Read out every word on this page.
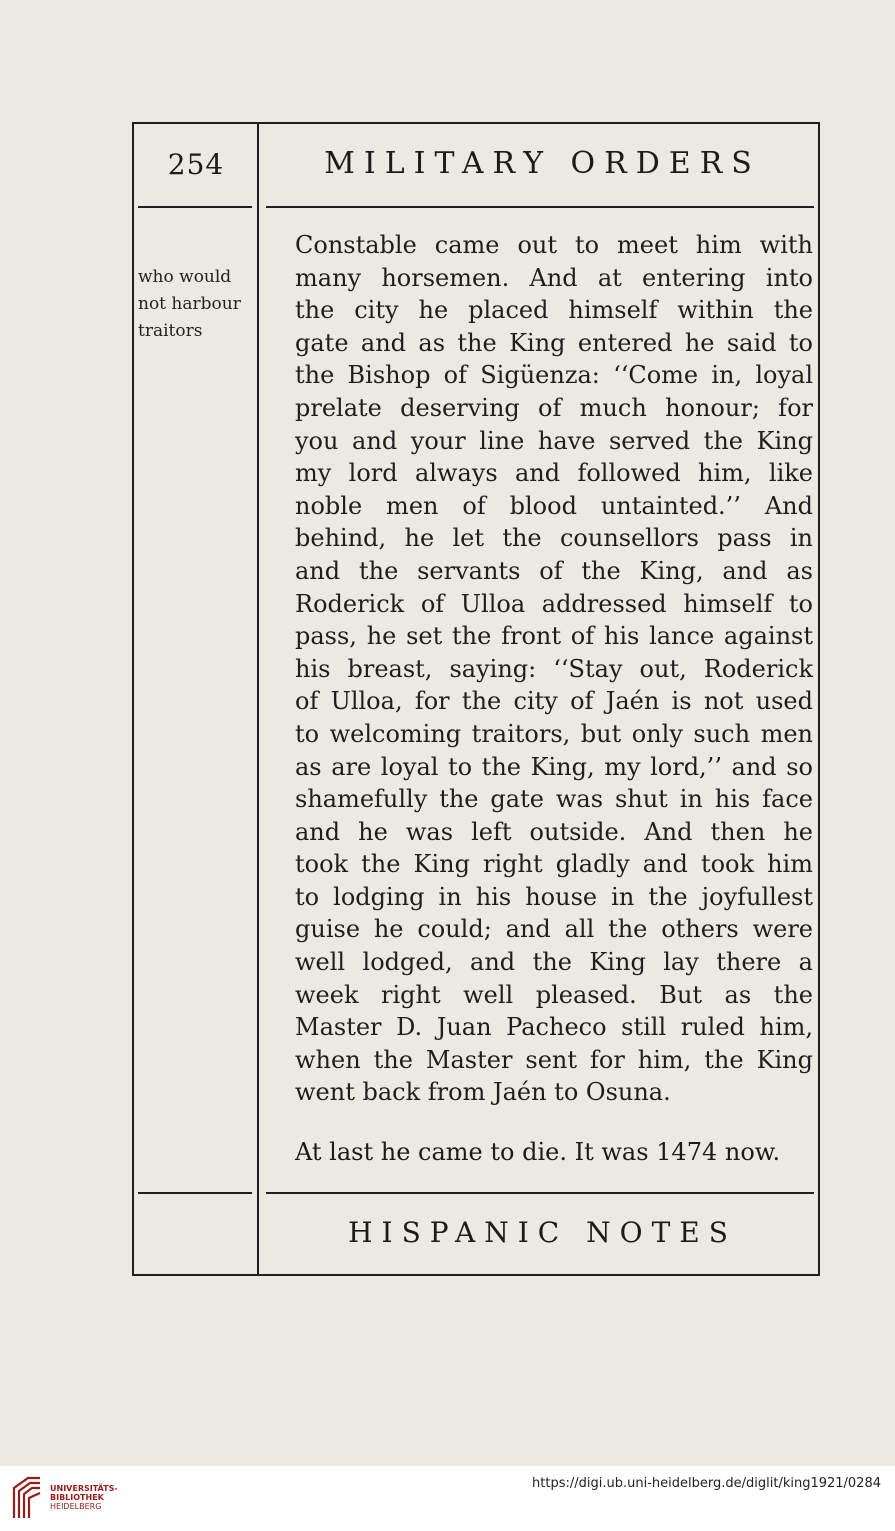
254	MILITARY ORDERS
who would
not harbour
traitors
Constable came out to meet him with
many horsemen. And at entering into
the city he placed himself within the
gate and as the King entered he said to
the Bishop of Sigüenza: ‘‘Come in, loyal
prelate deserving of much honour; for
you and your line have served the King
my lord always and followed him, like
noble men of blood untainted.’’ And
behind, he let the counsellors pass in
and the servants of the King, and as
Roderick of Ulloa addressed himself to
pass, he set the front of his lance against
his breast, saying: ‘‘Stay out, Roderick
of Ulloa, for the city of Jaén is not used
to welcoming traitors, but only such men
as are loyal to the King, my lord,’’ and so
shamefully the gate was shut in his face
and he was left outside. And then he
took the King right gladly and took him
to lodging in his house in the joyfullest
guise he could; and all the others were
well lodged, and the King lay there a
week right well pleased. But as the
Master D. Juan Pacheco still ruled him,
when the Master sent for him, the King
went back from Jaén to Osuna.
At last he came to die. It was 1474 now.
HISPANIC NOTES
UNIVERSITÄTS-
BIBLIOTHEK
HEIDELBERG
https://digi.ub.uni-heidelberg.de/diglit/king1921/0284
